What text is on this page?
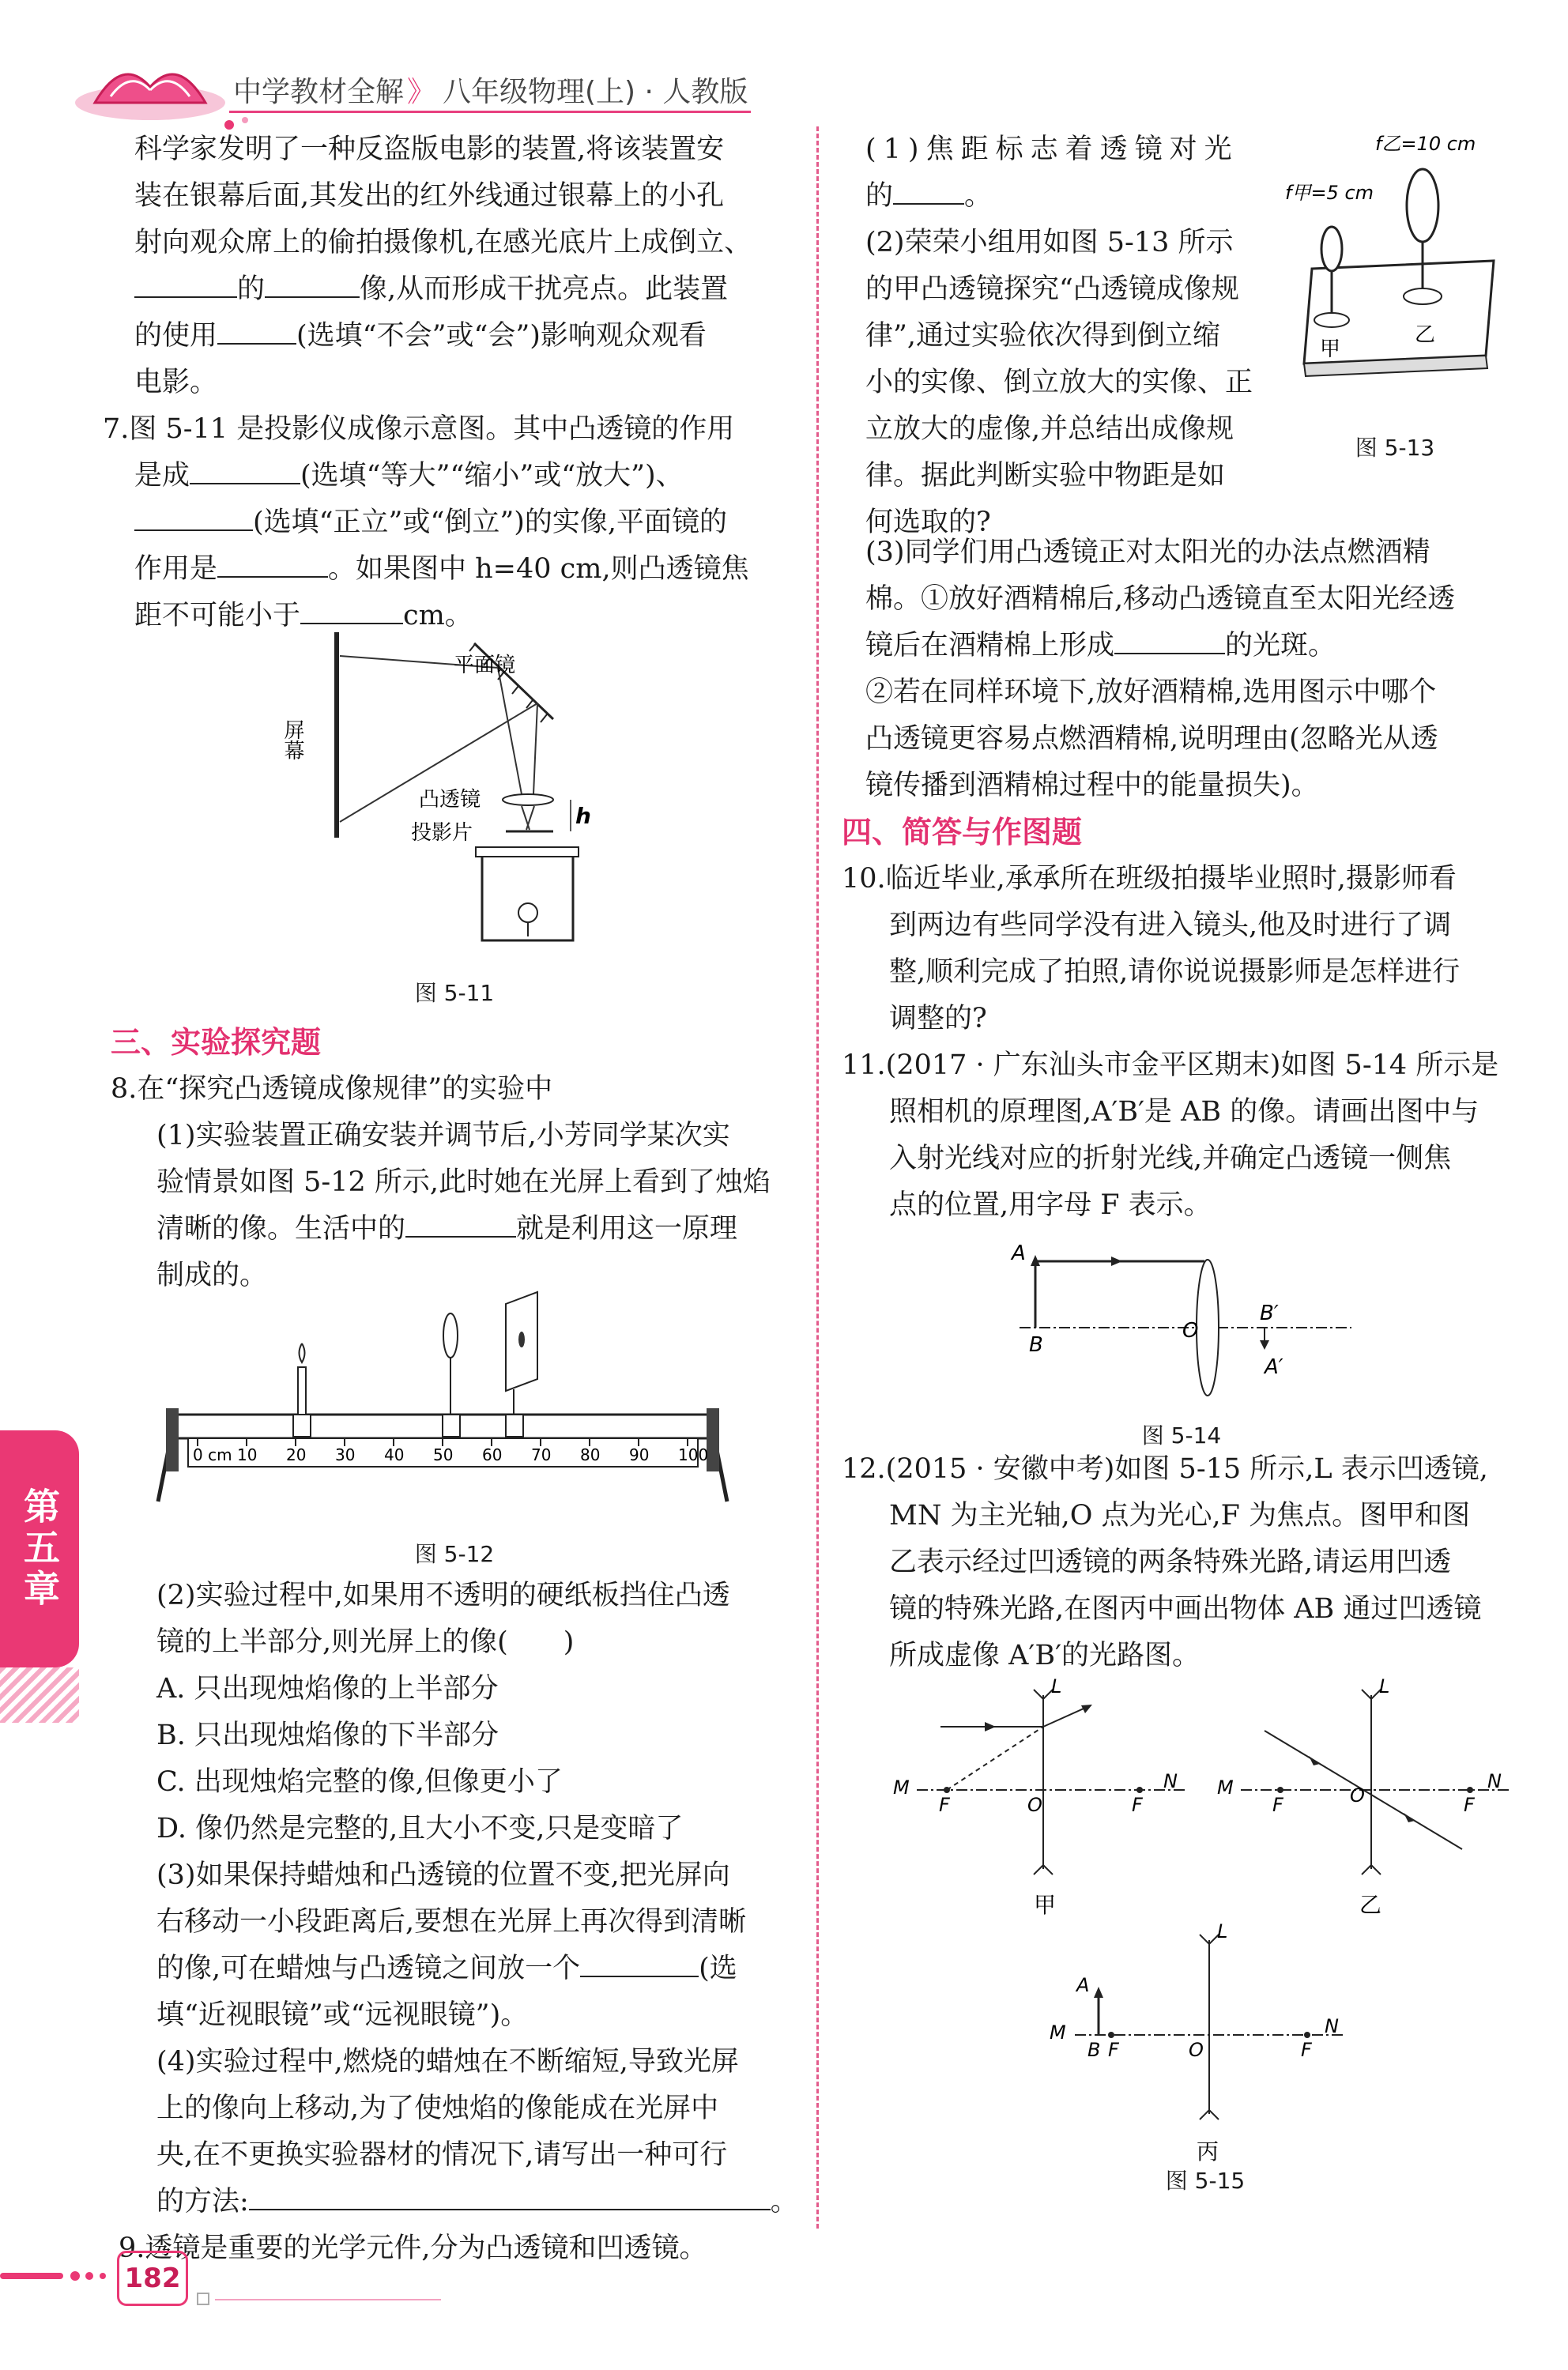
中学教材全解 》 八年级物理(上) · 人教版

科学家发明了一种反盗版电影的装置,将该装置安

装在银幕后面,其发出的红外线通过银幕上的小孔

射向观众席上的偷拍摄像机,在感光底片上成倒立、

的	像,从而形成干扰亮点。此装置

的使用	(选填“不会”或“会”)影响观众观看

电影。

7.图 5-11 是投影仪成像示意图。其中凸透镜的作用

是成	(选填“等大”“缩小”或“放大”)、

(选填“正立”或“倒立”)的实像,平面镜的

作用是	。如果图中 h=40 cm,则凸透镜焦

距不可能小于	cm。

平面镜
屏幕
凸透镜
投影片
h
图 5-11

三、实验探究题

8.在“探究凸透镜成像规律”的实验中

(1)实验装置正确安装并调节后,小芳同学某次实

验情景如图 5-12 所示,此时她在光屏上看到了烛焰

清晰的像。生活中的	就是利用这一原理

制成的。

0 cm 10 20 30 40 50 60 70 80 90 100
图 5-12

(2)实验过程中,如果用不透明的硬纸板挡住凸透

镜的上半部分,则光屏上的像(　　)

A. 只出现烛焰像的上半部分

B. 只出现烛焰像的下半部分

C. 出现烛焰完整的像,但像更小了

D. 像仍然是完整的,且大小不变,只是变暗了

(3)如果保持蜡烛和凸透镜的位置不变,把光屏向

右移动一小段距离后,要想在光屏上再次得到清晰

的像,可在蜡烛与凸透镜之间放一个	(选

填“近视眼镜”或“远视眼镜”)。

(4)实验过程中,燃烧的蜡烛在不断缩短,导致光屏

上的像向上移动,为了使烛焰的像能成在光屏中

央,在不更换实验器材的情况下,请写出一种可行

的方法:	。

9.透镜是重要的光学元件,分为凸透镜和凹透镜。

第五章
182

(1)焦距标志着透镜对光

的	。

(2)荣荣小组用如图 5-13 所示

的甲凸透镜探究“凸透镜成像规

律”,通过实验依次得到倒立缩

小的实像、倒立放大的实像、正

立放大的虚像,并总结出成像规

律。据此判断实验中物距是如

何选取的?

f乙=10 cm
f甲=5 cm
甲
乙
图 5-13

(3)同学们用凸透镜正对太阳光的办法点燃酒精

棉。①放好酒精棉后,移动凸透镜直至太阳光经透

镜后在酒精棉上形成	的光斑。

②若在同样环境下,放好酒精棉,选用图示中哪个

凸透镜更容易点燃酒精棉,说明理由(忽略光从透

镜传播到酒精棉过程中的能量损失)。

四、简答与作图题

10.临近毕业,承承所在班级拍摄毕业照时,摄影师看

到两边有些同学没有进入镜头,他及时进行了调

整,顺利完成了拍照,请你说说摄影师是怎样进行

调整的?

11.(2017 · 广东汕头市金平区期末)如图 5-14 所示是

照相机的原理图,A′B′是 AB 的像。请画出图中与

入射光线对应的折射光线,并确定凸透镜一侧焦

点的位置,用字母 F 表示。

A
B
O
B′
A′
图 5-14

12.(2015 · 安徽中考)如图 5-15 所示,L 表示凹透镜,

MN 为主光轴,O 点为光心,F 为焦点。图甲和图

乙表示经过凹透镜的两条特殊光路,请运用凹透

镜的特殊光路,在图丙中画出物体 AB 通过凹透镜

所成虚像 A′B′的光路图。

M	N
L
O
F	F
甲
M	N
L
O
F	F
乙
A
M
B F	O	F
N
L
丙
图 5-15
